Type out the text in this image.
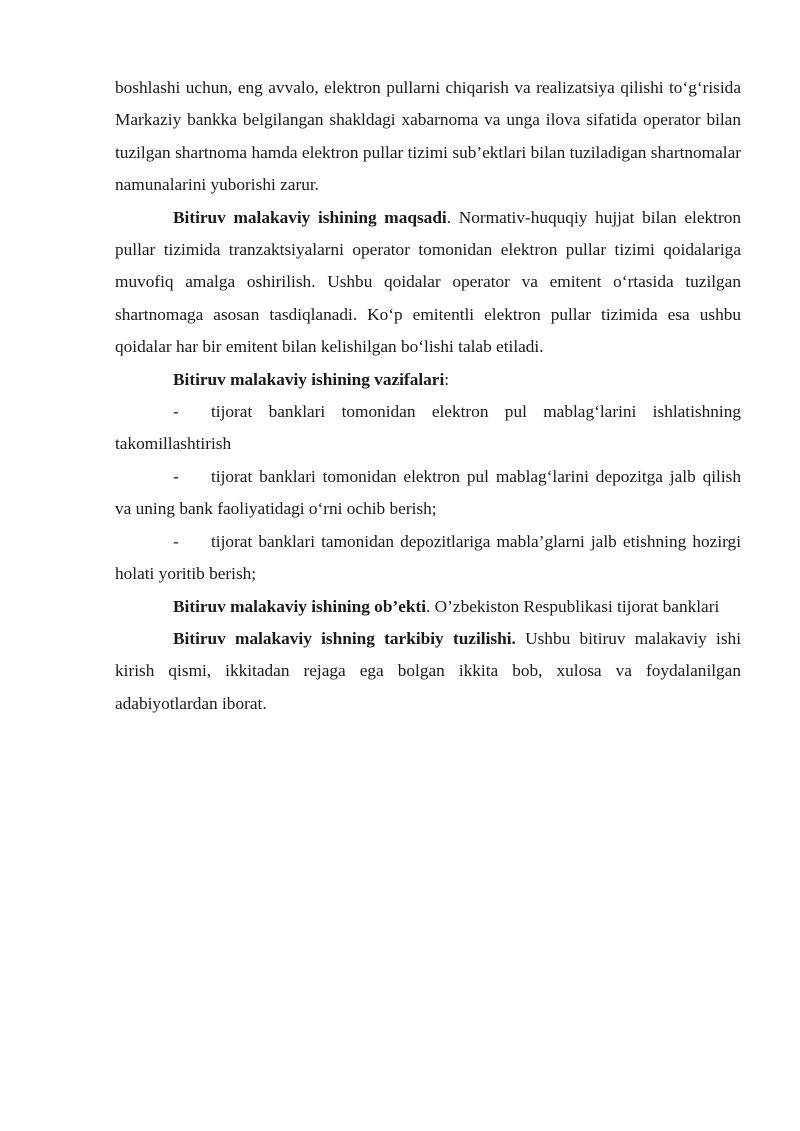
boshlashi uchun, eng avvalo, elektron pullarni chiqarish va realizatsiya qilishi to‘g‘risida Markaziy bankka belgilangan shakldagi xabarnoma va unga ilova sifatida operator bilan tuzilgan shartnoma hamda elektron pullar tizimi sub’ektlari bilan tuziladigan shartnomalar namunalarini yuborishi zarur.

Bitiruv malakaviy ishining maqsadi. Normativ-huquqiy hujjat bilan elektron pullar tizimida tranzaktsiyalarni operator tomonidan elektron pullar tizimi qoidalariga muvofiq amalga oshirilish. Ushbu qoidalar operator va emitent o‘rtasida tuzilgan shartnomaga asosan tasdiqlanadi. Ko‘p emitentli elektron pullar tizimida esa ushbu qoidalar har bir emitent bilan kelishilgan bo‘lishi talab etiladi.

Bitiruv malakaviy ishining vazifalari:

- tijorat banklari tomonidan elektron pul mablag‘larini ishlatishning takomillashtirish

- tijorat banklari tomonidan elektron pul mablag‘larini depozitga jalb qilish va uning bank faoliyatidagi o‘rni ochib berish;

- tijorat banklari tamonidan depozitlariga mabla’glarni jalb etishning hozirgi holati yoritib berish;

Bitiruv malakaviy ishining ob’ekti. O’zbekiston Respublikasi tijorat banklari

Bitiruv malakaviy ishning tarkibiy tuzilishi. Ushbu bitiruv malakaviy ishi kirish qismi, ikkitadan rejaga ega bolgan ikkita bob, xulosa va foydalanilgan adabiyotlardan iborat.
